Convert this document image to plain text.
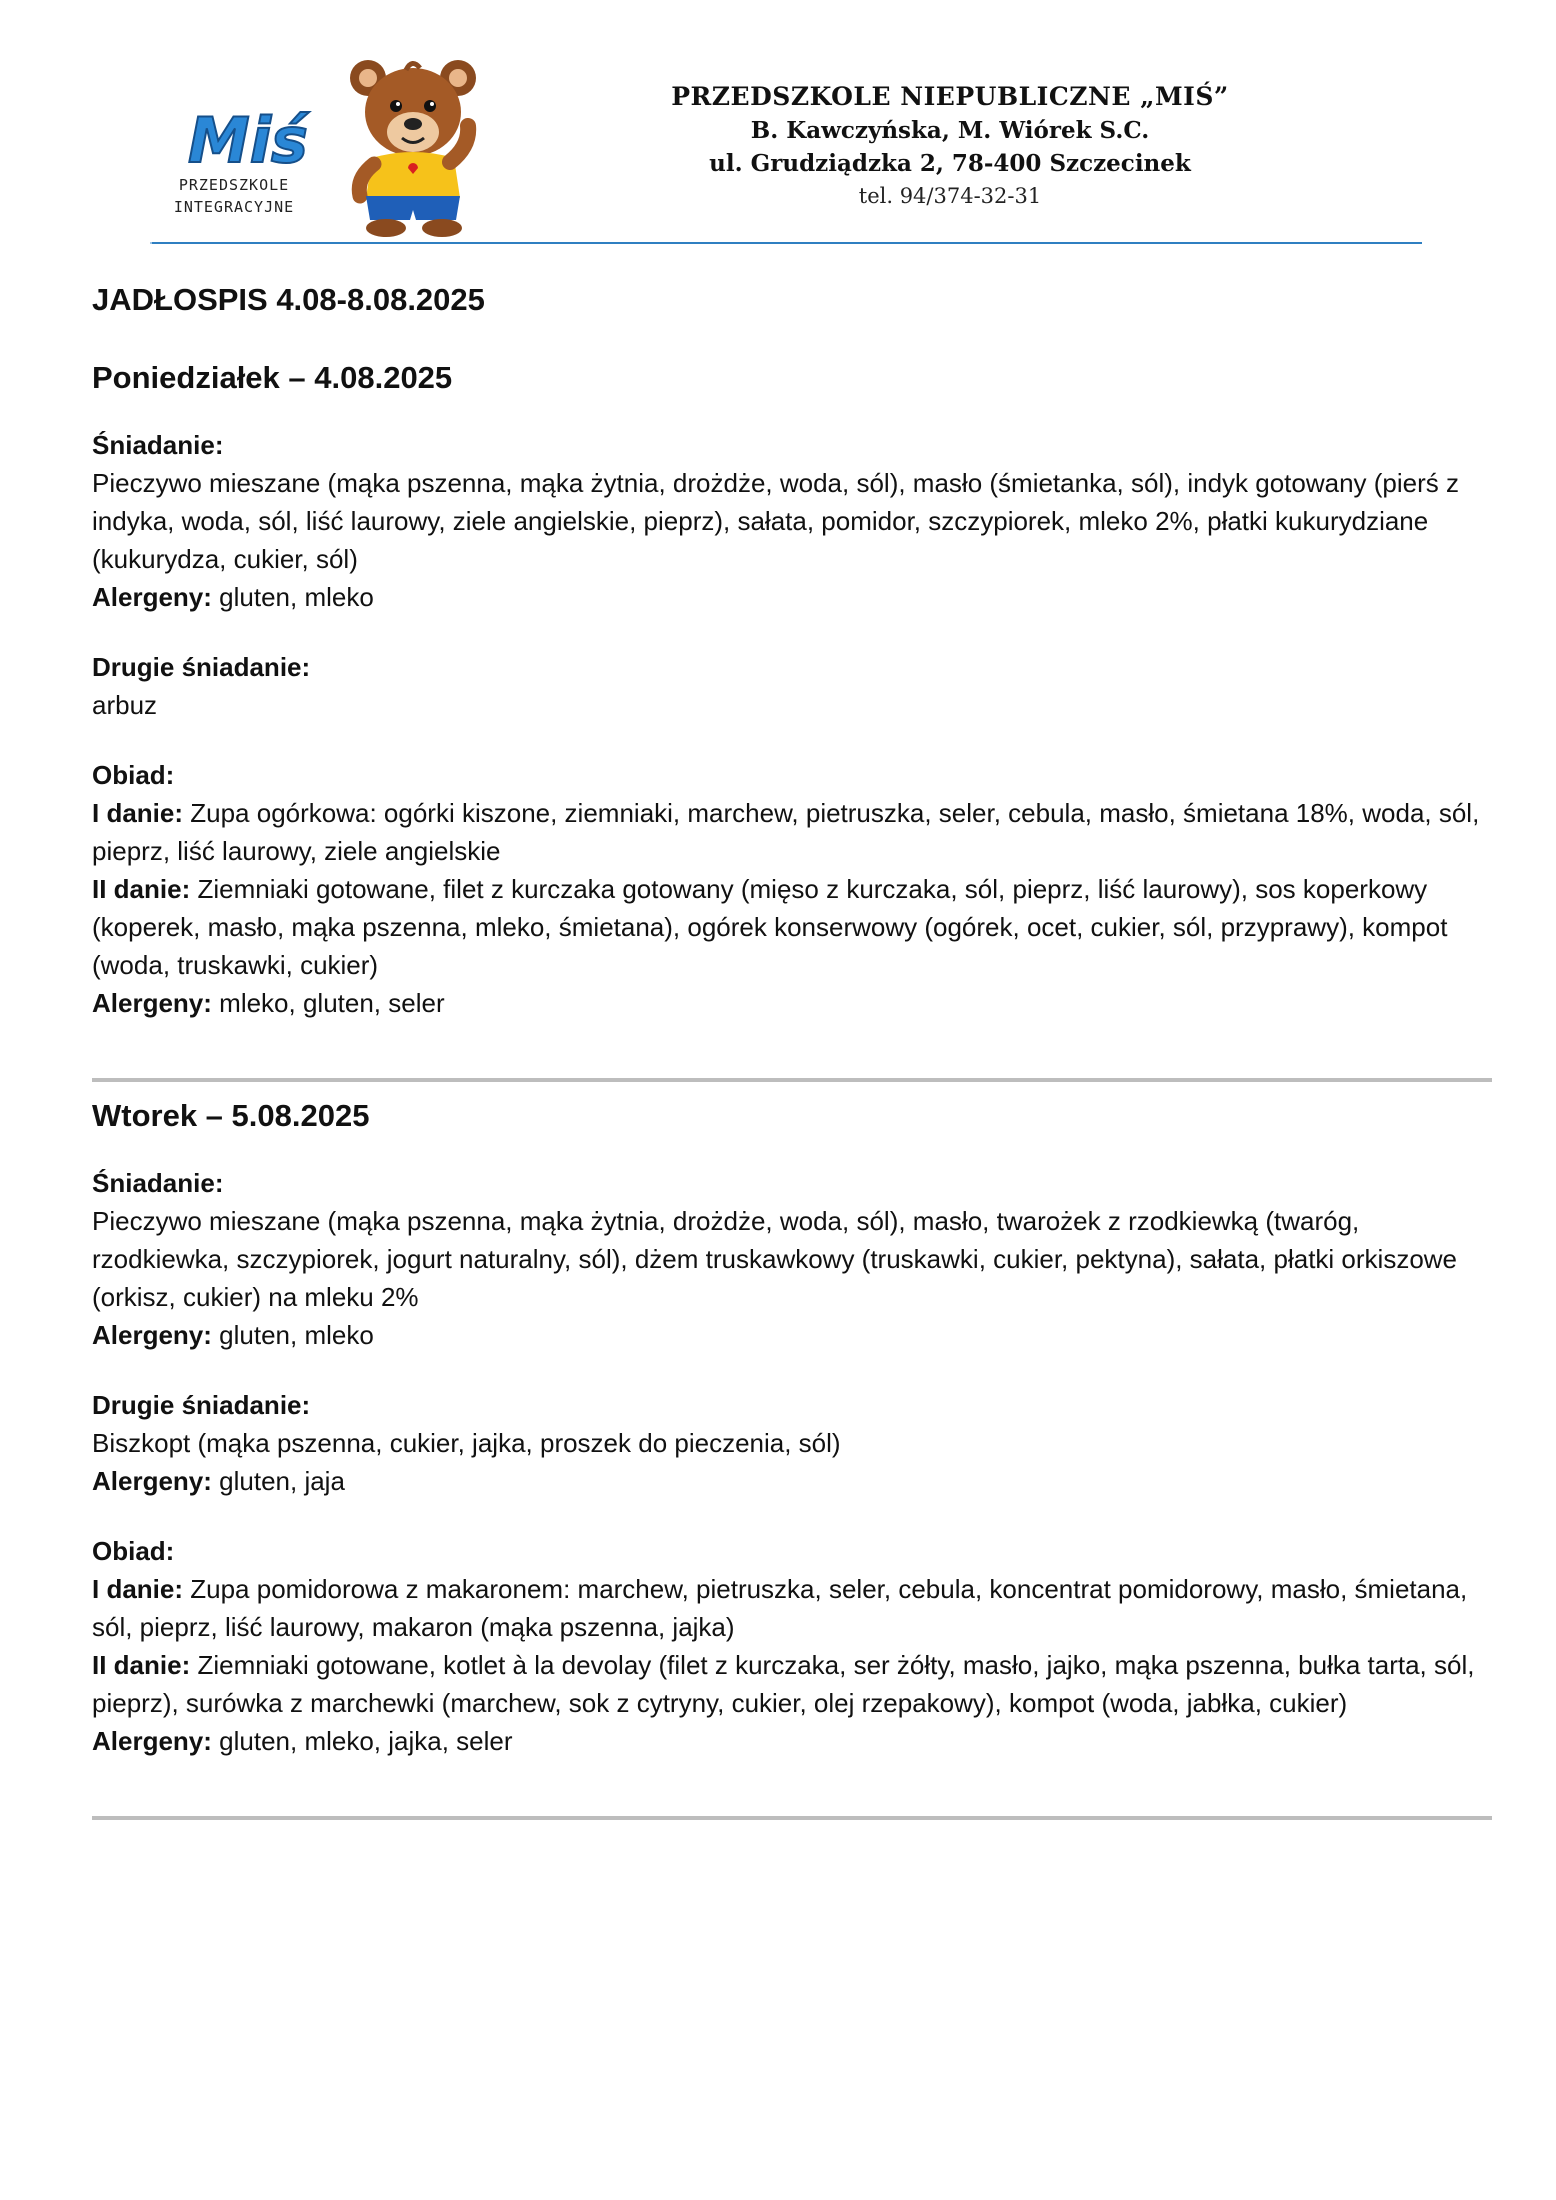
Miś
PRZEDSZKOLE
INTEGRACYJNE
PRZEDSZKOLE NIEPUBLICZNE „MIŚ”
B. Kawczyńska, M. Wiórek S.C.
ul. Grudziądzka 2, 78-400 Szczecinek
tel. 94/374-32-31
JADŁOSPIS 4.08-8.08.2025
Poniedziałek – 4.08.2025

Śniadanie:

Pieczywo mieszane (mąka pszenna, mąka żytnia, drożdże, woda, sól), masło (śmietanka, sól), indyk gotowany (pierś z indyka, woda, sól, liść laurowy, ziele angielskie, pieprz), sałata, pomidor, szczypiorek, mleko 2%, płatki kukurydziane (kukurydza, cukier, sól)

Alergeny: gluten, mleko

Drugie śniadanie:

arbuz

Obiad:

I danie: Zupa ogórkowa: ogórki kiszone, ziemniaki, marchew, pietruszka, seler, cebula, masło, śmietana 18%, woda, sól, pieprz, liść laurowy, ziele angielskie

II danie: Ziemniaki gotowane, filet z kurczaka gotowany (mięso z kurczaka, sól, pieprz, liść laurowy), sos koperkowy (koperek, masło, mąka pszenna, mleko, śmietana), ogórek konserwowy (ogórek, ocet, cukier, sól, przyprawy), kompot (woda, truskawki, cukier)

Alergeny: mleko, gluten, seler

Wtorek – 5.08.2025

Śniadanie:

Pieczywo mieszane (mąka pszenna, mąka żytnia, drożdże, woda, sól), masło, twarożek z rzodkiewką (twaróg, rzodkiewka, szczypiorek, jogurt naturalny, sól), dżem truskawkowy (truskawki, cukier, pektyna), sałata, płatki orkiszowe (orkisz, cukier) na mleku 2%

Alergeny: gluten, mleko

Drugie śniadanie:

Biszkopt (mąka pszenna, cukier, jajka, proszek do pieczenia, sól)

Alergeny: gluten, jaja

Obiad:

I danie: Zupa pomidorowa z makaronem: marchew, pietruszka, seler, cebula, koncentrat pomidorowy, masło, śmietana, sól, pieprz, liść laurowy, makaron (mąka pszenna, jajka)

II danie: Ziemniaki gotowane, kotlet à la devolay (filet z kurczaka, ser żółty, masło, jajko, mąka pszenna, bułka tarta, sól, pieprz), surówka z marchewki (marchew, sok z cytryny, cukier, olej rzepakowy), kompot (woda, jabłka, cukier)

Alergeny: gluten, mleko, jajka, seler
